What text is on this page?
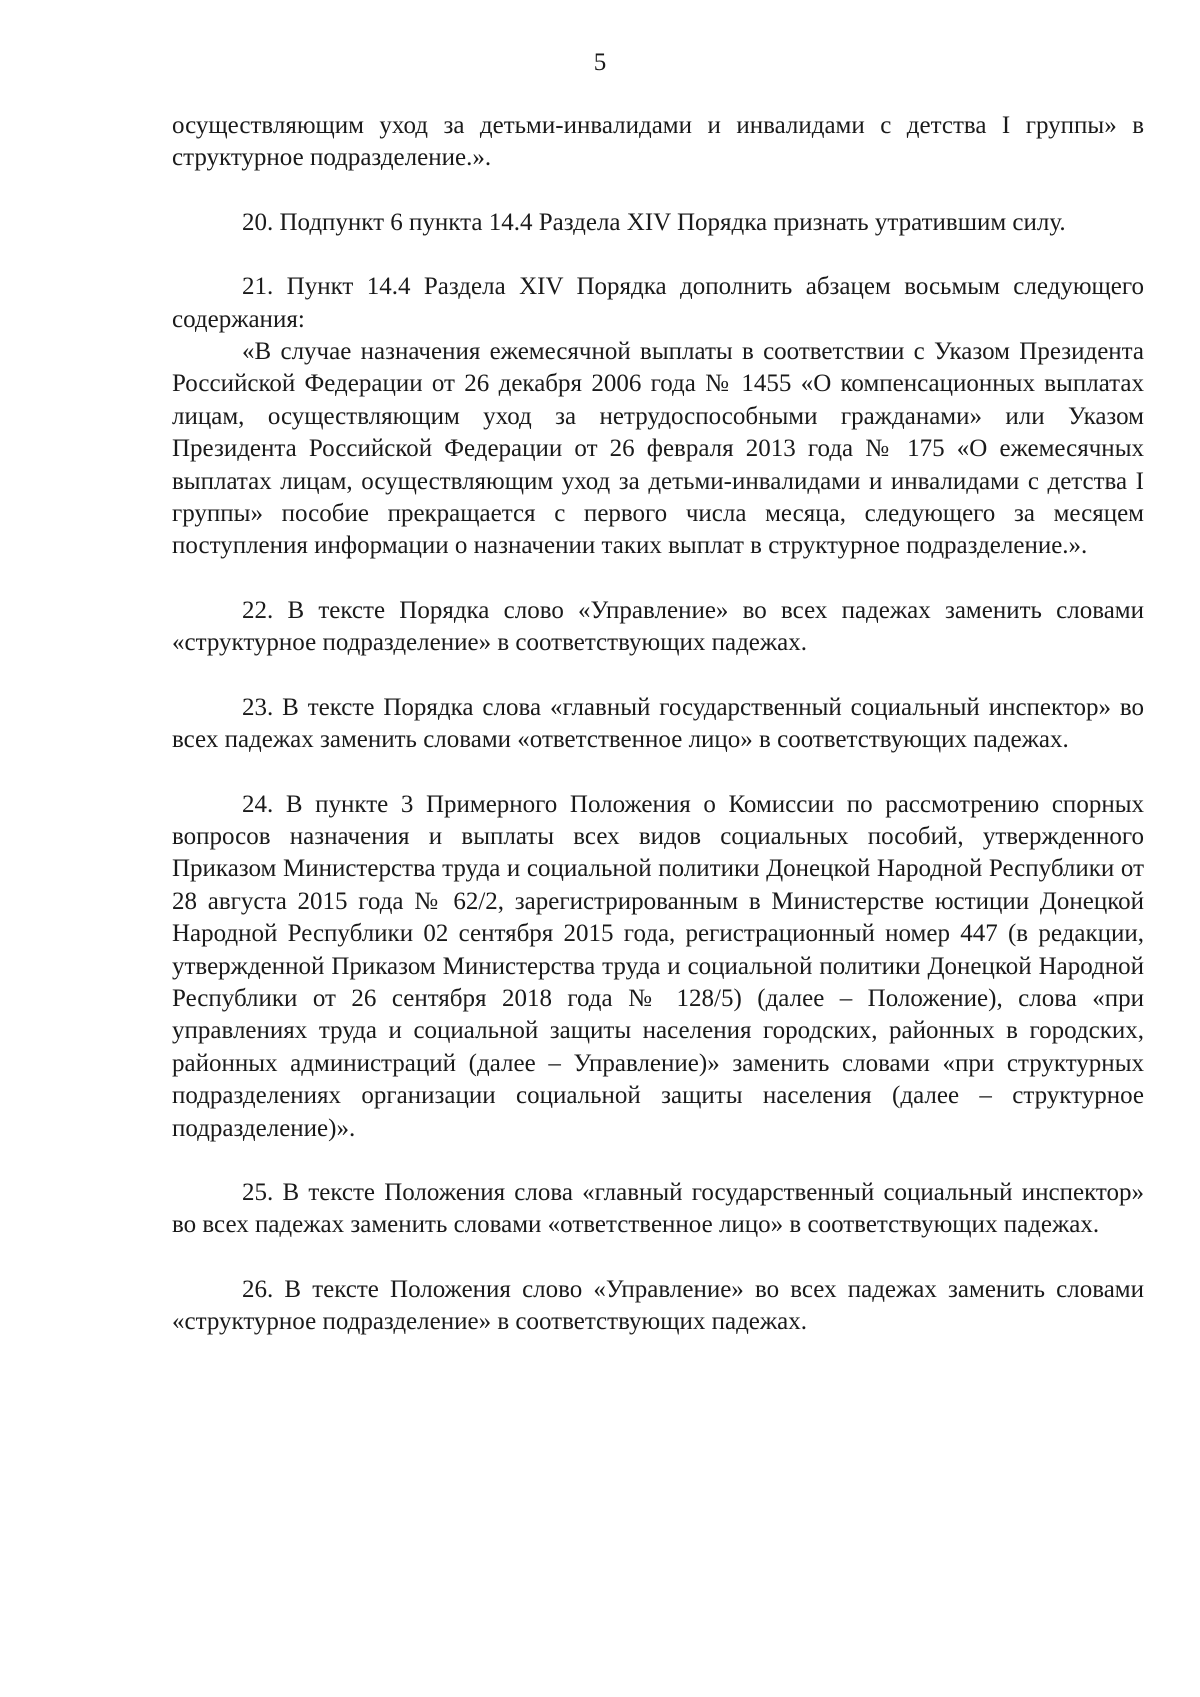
5

осуществляющим уход за детьми-инвалидами и инвалидами с детства I группы» в структурное подразделение.».

20. Подпункт 6 пункта 14.4 Раздела XIV Порядка признать утратившим силу.

21. Пункт 14.4 Раздела XIV Порядка дополнить абзацем восьмым следующего содержания:

«В случае назначения ежемесячной выплаты в соответствии с Указом Президента Российской Федерации от 26 декабря 2006 года № 1455 «О компенсационных выплатах лицам, осуществляющим уход за нетрудоспособными гражданами» или Указом Президента Российской Федерации от 26 февраля 2013 года № 175 «О ежемесячных выплатах лицам, осуществляющим уход за детьми-инвалидами и инвалидами с детства I группы» пособие прекращается с первого числа месяца, следующего за месяцем поступления информации о назначении таких выплат в структурное подразделение.».

22. В тексте Порядка слово «Управление» во всех падежах заменить словами «структурное подразделение» в соответствующих падежах.

23. В тексте Порядка слова «главный государственный социальный инспектор» во всех падежах заменить словами «ответственное лицо» в соответствующих падежах.

24. В пункте 3 Примерного Положения о Комиссии по рассмотрению спорных вопросов назначения и выплаты всех видов социальных пособий, утвержденного Приказом Министерства труда и социальной политики Донецкой Народной Республики от 28 августа 2015 года № 62/2, зарегистрированным в Министерстве юстиции Донецкой Народной Республики 02 сентября 2015 года, регистрационный номер 447 (в редакции, утвержденной Приказом Министерства труда и социальной политики Донецкой Народной Республики от 26 сентября 2018 года № 128/5) (далее – Положение), слова «при управлениях труда и социальной защиты населения городских, районных в городских, районных администраций (далее – Управление)» заменить словами «при структурных подразделениях организации социальной защиты населения (далее – структурное подразделение)».

25. В тексте Положения слова «главный государственный социальный инспектор» во всех падежах заменить словами «ответственное лицо» в соответствующих падежах.

26. В тексте Положения слово «Управление» во всех падежах заменить словами «структурное подразделение» в соответствующих падежах.
